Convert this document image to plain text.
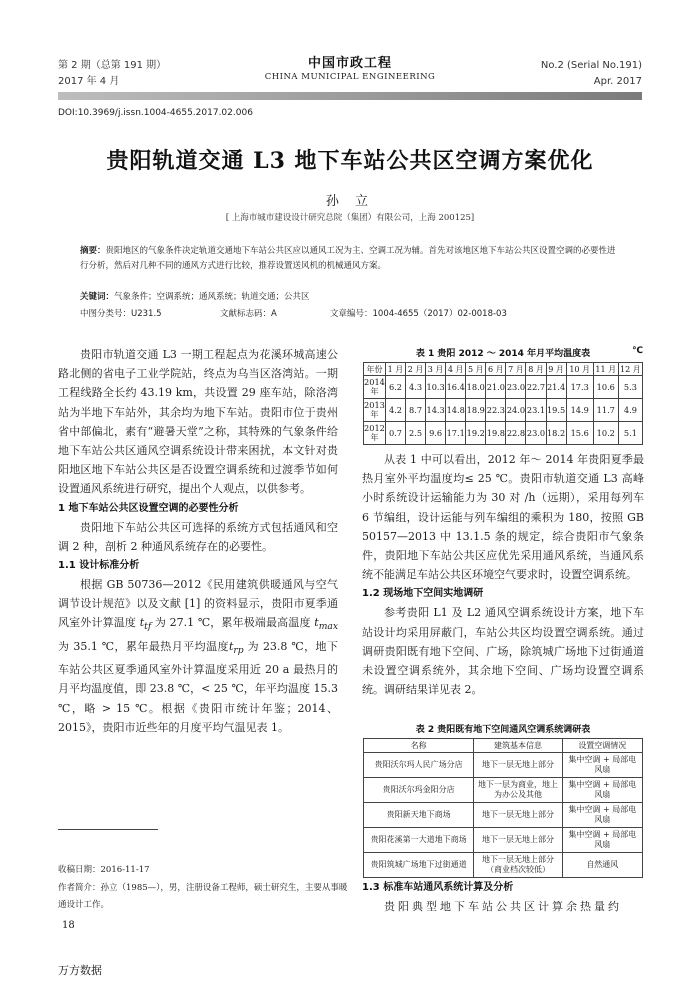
第 2 期（总第 191 期）
2017 年 4 月
中国市政工程
CHINA MUNICIPAL ENGINEERING
No.2 (Serial No.191)
Apr. 2017
DOI:10.3969/j.issn.1004-4655.2017.02.006
贵阳轨道交通 L3 地下车站公共区空调方案优化
孙 立
[ 上海市城市建设设计研究总院（集团）有限公司，上海 200125]
摘要：贵阳地区的气象条件决定轨道交通地下车站公共区应以通风工况为主、空调工况为辅。首先对该地区地下车站公共区设置空调的必要性进行分析，然后对几种不同的通风方式进行比较，推荐设置送风机的机械通风方案。
关键词：气象条件；空调系统；通风系统；轨道交通；公共区
中图分类号：U231.5	文献标志码：A	文章编号：1004-4655（2017）02-0018-03
贵阳市轨道交通 L3 一期工程起点为花溪环城高速公路北侧的省电子工业学院站，终点为乌当区洛湾站。一期工程线路全长约 43.19 km，共设置 29 座车站，除洛湾站为半地下车站外，其余均为地下车站。贵阳市位于贵州省中部偏北，素有“避暑天堂”之称，其特殊的气象条件给地下车站公共区通风空调系统设计带来困扰，本文针对贵阳地区地下车站公共区是否设置空调系统和过渡季节如何设置通风系统进行研究，提出个人观点，以供参考。
1 地下车站公共区设置空调的必要性分析
贵阳地下车站公共区可选择的系统方式包括通风和空调 2 种，剖析 2 种通风系统存在的必要性。
1.1 设计标准分析
根据 GB 50736—2012《民用建筑供暖通风与空气调节设计规范》以及文献 [1] 的资料显示，贵阳市夏季通风室外计算温度 $t_{tf}$ 为 27.1 ℃，累年极端最高温度 $t_{max}$ 为 35.1 ℃，累年最热月平均温度$t_{rp}$ 为 23.8 ℃，地下车站公共区夏季通风室外计算温度采用近 20 a 最热月的月平均温度值，即 23.8 ℃，< 25 ℃，年平均温度 15.3 ℃，略 > 15 ℃。根据《贵阳市统计年鉴；2014、2015》，贵阳市近些年的月度平均气温见表 1。
表 1 贵阳 2012 ～ 2014 年月平均温度表	℃
年份	1 月	2 月	3 月	4 月	5 月	6 月	7 月	8 月	9 月	10 月	11 月	12 月
2014 年	6.2	4.3	10.3	16.4	18.0	21.0	23.0	22.7	21.4	17.3	10.6	5.3
2013 年	4.2	8.7	14.3	14.8	18.9	22.3	24.0	23.1	19.5	14.9	11.7	4.9
2012 年	0.7	2.5	9.6	17.1	19.2	19.8	22.8	23.0	18.2	15.6	10.2	5.1
从表 1 中可以看出，2012 年～ 2014 年贵阳夏季最热月室外平均温度均≤ 25 ℃。贵阳市轨道交通 L3 高峰小时系统设计运输能力为 30 对 /h（远期），采用每列车 6 节编组，设计运能与列车编组的乘积为 180，按照 GB 50157—2013 中 13.1.5 条的规定，综合贵阳市气象条件，贵阳地下车站公共区应优先采用通风系统，当通风系统不能满足车站公共区环境空气要求时，设置空调系统。
1.2 现场地下空间实地调研
参考贵阳 L1 及 L2 通风空调系统设计方案，地下车站设计均采用屏蔽门，车站公共区均设置空调系统。通过调研贵阳既有地下空间、广场，除筑城广场地下过街通道未设置空调系统外，其余地下空间、广场均设置空调系统。调研结果详见表 2。
表 2 贵阳既有地下空间通风空调系统调研表
名称	建筑基本信息	设置空调情况
贵阳沃尔玛人民广场分店	地下一层无地上部分	集中空调 + 局部电风扇
贵阳沃尔玛金阳分店	地下一层为商业，地上为办公及其他	集中空调 + 局部电风扇
贵阳新天地下商场	地下一层无地上部分	集中空调 + 局部电风扇
贵阳花溪第一大道地下商场	地下一层无地上部分	集中空调 + 局部电风扇
贵阳筑城广场地下过街通道	地下一层无地上部分（商业档次较低）	自然通风
1.3 标准车站通风系统计算及分析
贵阳典型地下车站公共区计算余热量约
收稿日期：2016-11-17
作者简介：孙立（1985—），男，注册设备工程师，硕士研究生，主要从事暖通设计工作。
18
万方数据
